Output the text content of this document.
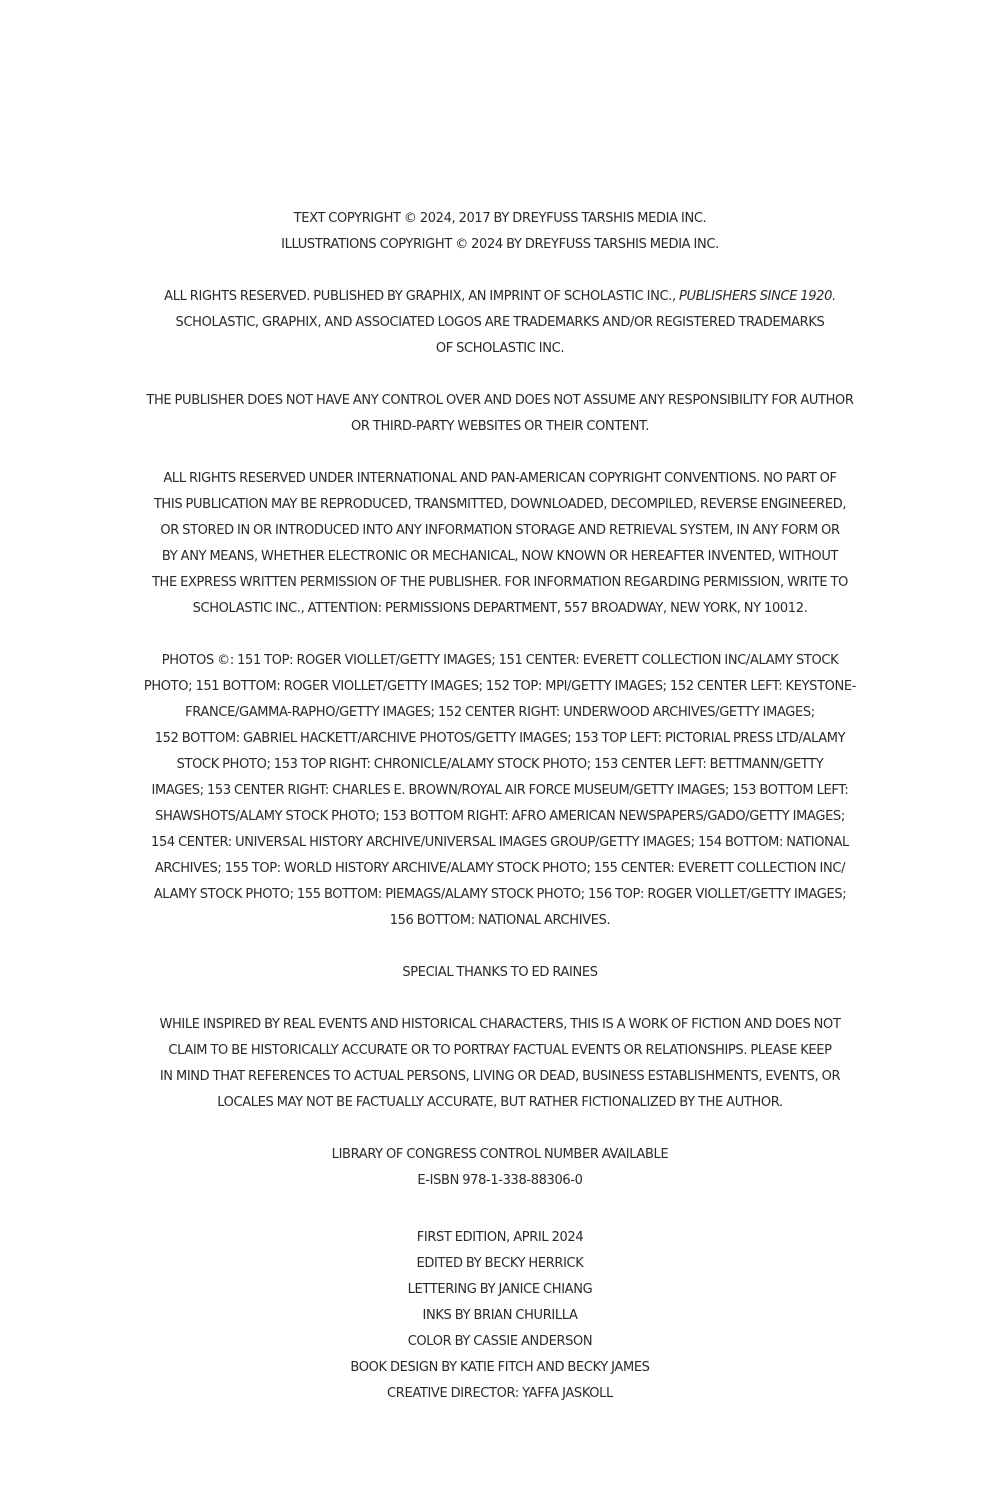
TEXT COPYRIGHT © 2024, 2017 BY DREYFUSS TARSHIS MEDIA INC.
ILLUSTRATIONS COPYRIGHT © 2024 BY DREYFUSS TARSHIS MEDIA INC.
ALL RIGHTS RESERVED. PUBLISHED BY GRAPHIX, AN IMPRINT OF SCHOLASTIC INC., PUBLISHERS SINCE 1920.
SCHOLASTIC, GRAPHIX, AND ASSOCIATED LOGOS ARE TRADEMARKS AND/OR REGISTERED TRADEMARKS
OF SCHOLASTIC INC.
THE PUBLISHER DOES NOT HAVE ANY CONTROL OVER AND DOES NOT ASSUME ANY RESPONSIBILITY FOR AUTHOR
OR THIRD-PARTY WEBSITES OR THEIR CONTENT.
ALL RIGHTS RESERVED UNDER INTERNATIONAL AND PAN-AMERICAN COPYRIGHT CONVENTIONS. NO PART OF
THIS PUBLICATION MAY BE REPRODUCED, TRANSMITTED, DOWNLOADED, DECOMPILED, REVERSE ENGINEERED,
OR STORED IN OR INTRODUCED INTO ANY INFORMATION STORAGE AND RETRIEVAL SYSTEM, IN ANY FORM OR
BY ANY MEANS, WHETHER ELECTRONIC OR MECHANICAL, NOW KNOWN OR HEREAFTER INVENTED, WITHOUT
THE EXPRESS WRITTEN PERMISSION OF THE PUBLISHER. FOR INFORMATION REGARDING PERMISSION, WRITE TO
SCHOLASTIC INC., ATTENTION: PERMISSIONS DEPARTMENT, 557 BROADWAY, NEW YORK, NY 10012.
PHOTOS ©: 151 TOP: ROGER VIOLLET/GETTY IMAGES; 151 CENTER: EVERETT COLLECTION INC/ALAMY STOCK
PHOTO; 151 BOTTOM: ROGER VIOLLET/GETTY IMAGES; 152 TOP: MPI/GETTY IMAGES; 152 CENTER LEFT: KEYSTONE-
FRANCE/GAMMA-RAPHO/GETTY IMAGES; 152 CENTER RIGHT: UNDERWOOD ARCHIVES/GETTY IMAGES;
152 BOTTOM: GABRIEL HACKETT/ARCHIVE PHOTOS/GETTY IMAGES; 153 TOP LEFT: PICTORIAL PRESS LTD/ALAMY
STOCK PHOTO; 153 TOP RIGHT: CHRONICLE/ALAMY STOCK PHOTO; 153 CENTER LEFT: BETTMANN/GETTY
IMAGES; 153 CENTER RIGHT: CHARLES E. BROWN/ROYAL AIR FORCE MUSEUM/GETTY IMAGES; 153 BOTTOM LEFT:
SHAWSHOTS/ALAMY STOCK PHOTO; 153 BOTTOM RIGHT: AFRO AMERICAN NEWSPAPERS/GADO/GETTY IMAGES;
154 CENTER: UNIVERSAL HISTORY ARCHIVE/UNIVERSAL IMAGES GROUP/GETTY IMAGES; 154 BOTTOM: NATIONAL
ARCHIVES; 155 TOP: WORLD HISTORY ARCHIVE/ALAMY STOCK PHOTO; 155 CENTER: EVERETT COLLECTION INC/
ALAMY STOCK PHOTO; 155 BOTTOM: PIEMAGS/ALAMY STOCK PHOTO; 156 TOP: ROGER VIOLLET/GETTY IMAGES;
156 BOTTOM: NATIONAL ARCHIVES.
SPECIAL THANKS TO ED RAINES
WHILE INSPIRED BY REAL EVENTS AND HISTORICAL CHARACTERS, THIS IS A WORK OF FICTION AND DOES NOT
CLAIM TO BE HISTORICALLY ACCURATE OR TO PORTRAY FACTUAL EVENTS OR RELATIONSHIPS. PLEASE KEEP
IN MIND THAT REFERENCES TO ACTUAL PERSONS, LIVING OR DEAD, BUSINESS ESTABLISHMENTS, EVENTS, OR
LOCALES MAY NOT BE FACTUALLY ACCURATE, BUT RATHER FICTIONALIZED BY THE AUTHOR.
LIBRARY OF CONGRESS CONTROL NUMBER AVAILABLE
E-ISBN 978-1-338-88306-0
FIRST EDITION, APRIL 2024
EDITED BY BECKY HERRICK
LETTERING BY JANICE CHIANG
INKS BY BRIAN CHURILLA
COLOR BY CASSIE ANDERSON
BOOK DESIGN BY KATIE FITCH AND BECKY JAMES
CREATIVE DIRECTOR: YAFFA JASKOLL
